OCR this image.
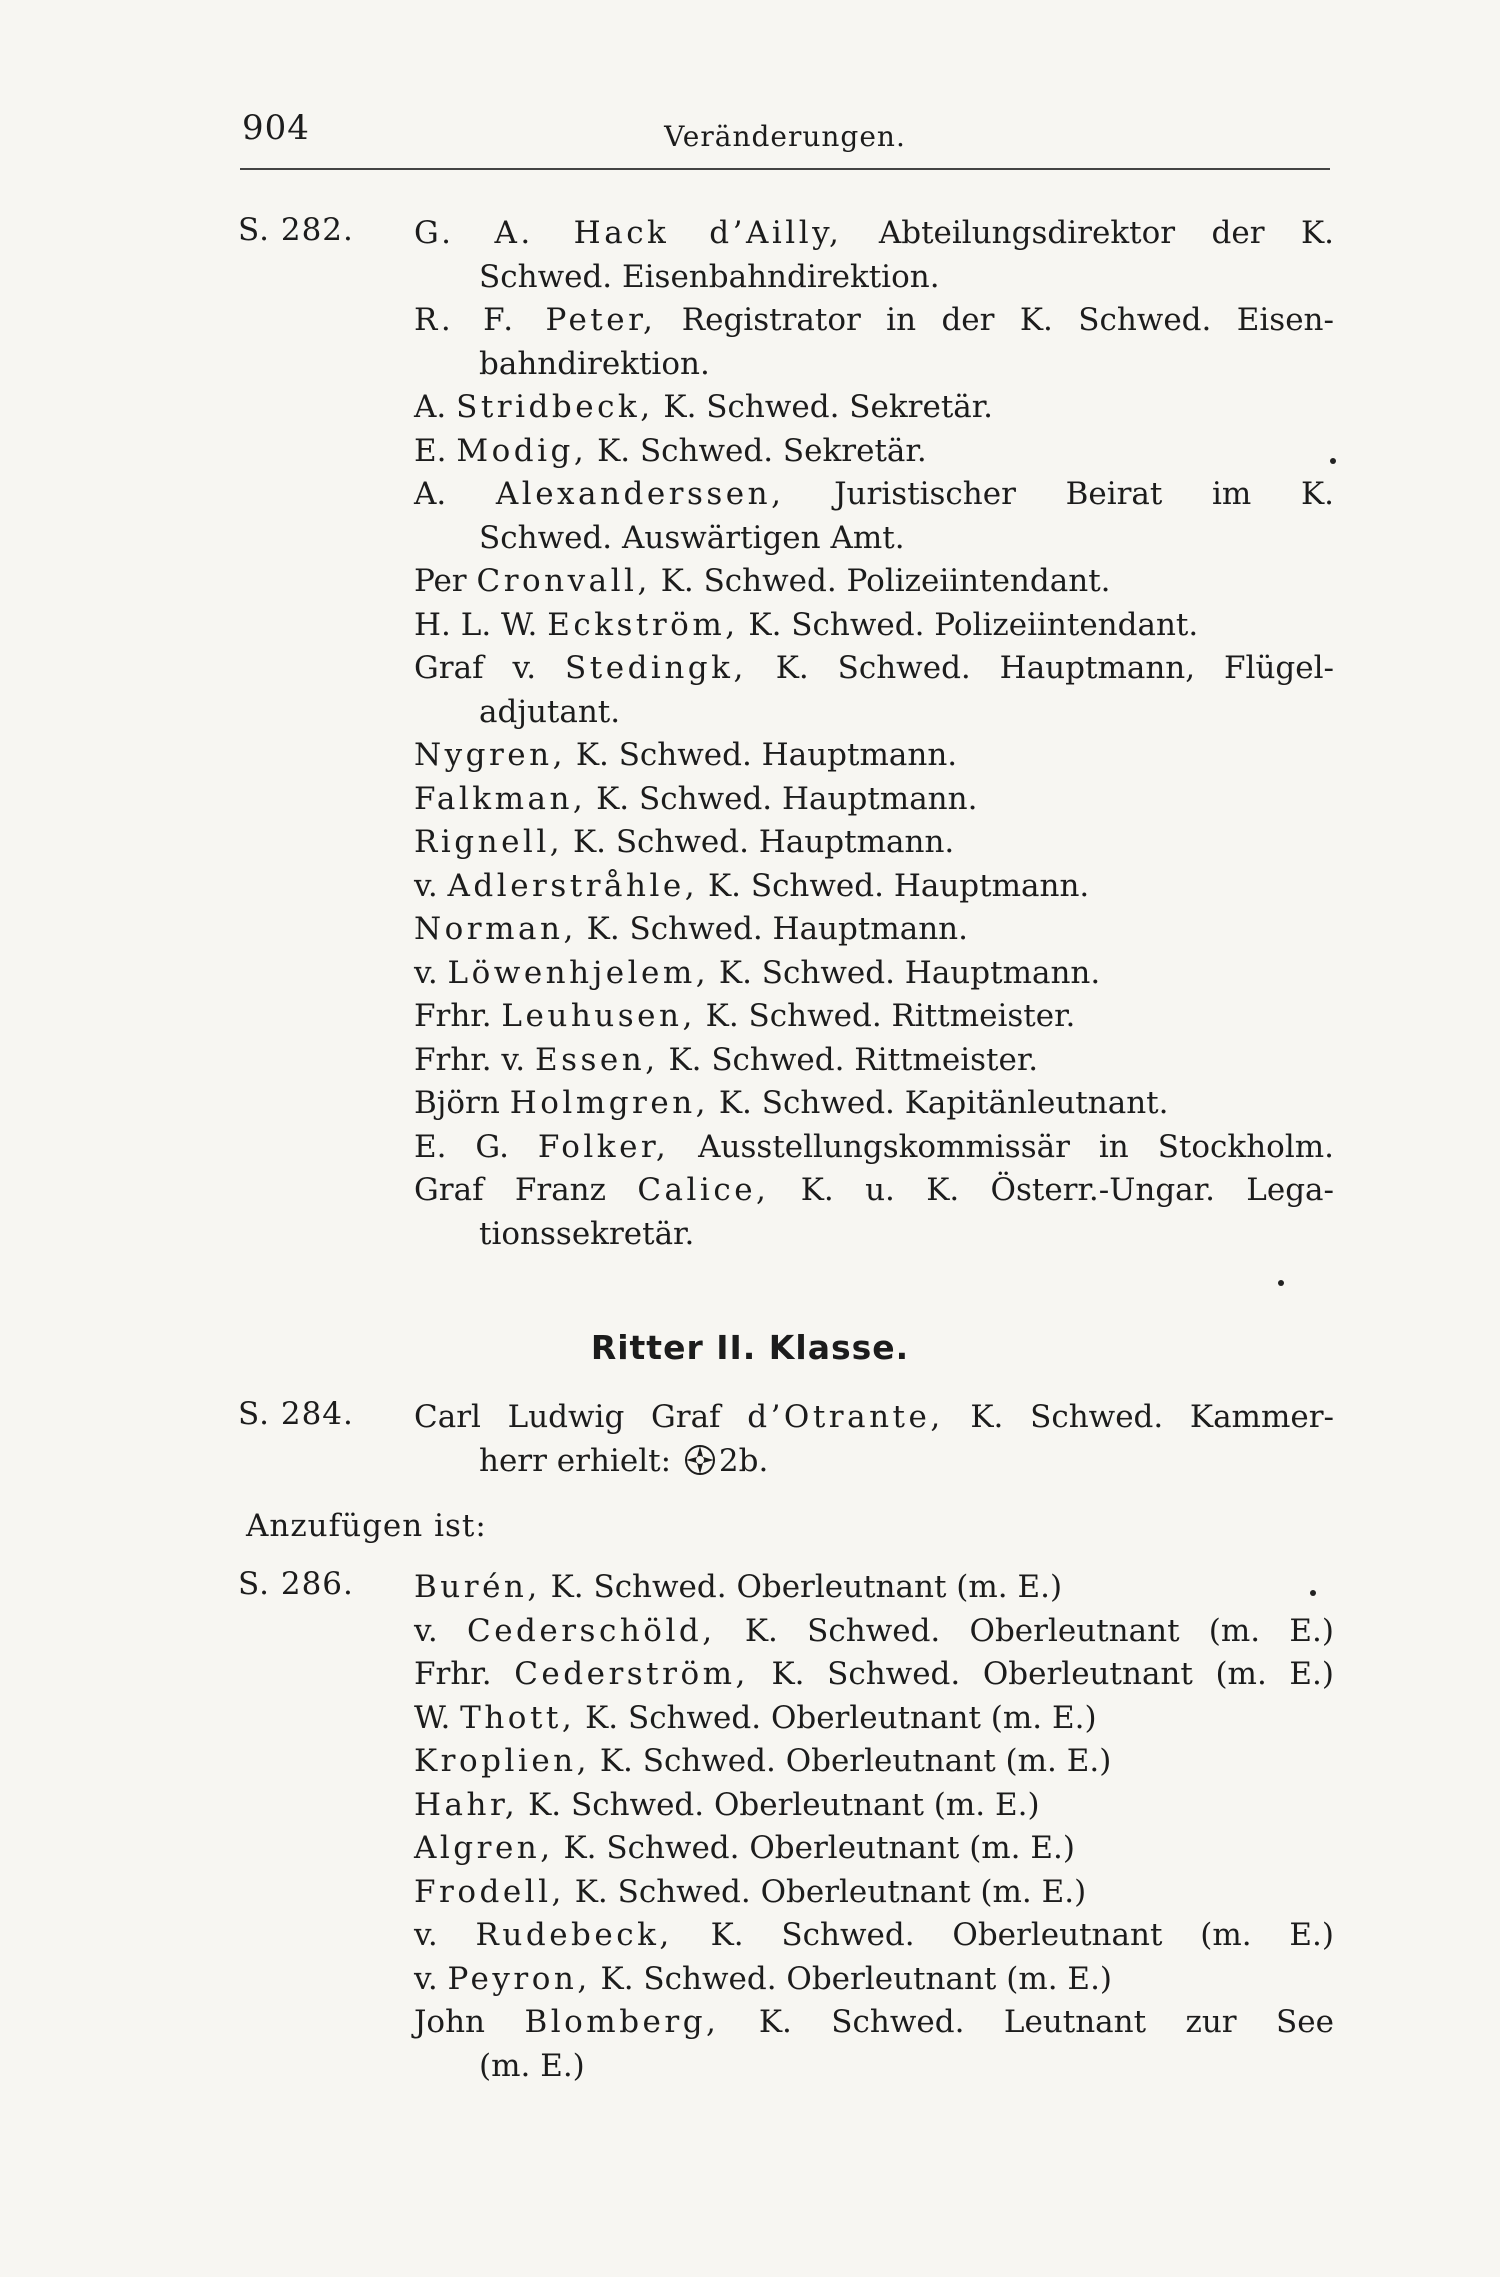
904	Veränderungen.
S. 282. G. A. Hack d’Ailly, Abteilungsdirektor der K.
Schwed. Eisenbahndirektion.
R. F. Peter, Registrator in der K. Schwed. Eisen-
bahndirektion.
A. Stridbeck, K. Schwed. Sekretär.
E. Modig, K. Schwed. Sekretär.
A. Alexanderssen, Juristischer Beirat im K.
Schwed. Auswärtigen Amt.
Per Cronvall, K. Schwed. Polizeiintendant.
H. L. W. Eckström, K. Schwed. Polizeiintendant.
Graf v. Stedingk, K. Schwed. Hauptmann, Flügel-
adjutant.
Nygren, K. Schwed. Hauptmann.
Falkman, K. Schwed. Hauptmann.
Rignell, K. Schwed. Hauptmann.
v. Adlerstråhle, K. Schwed. Hauptmann.
Norman, K. Schwed. Hauptmann.
v. Löwenhjelem, K. Schwed. Hauptmann.
Frhr. Leuhusen, K. Schwed. Rittmeister.
Frhr. v. Essen, K. Schwed. Rittmeister.
Björn Holmgren, K. Schwed. Kapitänleutnant.
E. G. Folker, Ausstellungskommissär in Stockholm.
Graf Franz Calice, K. u. K. Österr.-Ungar. Lega-
tionssekretär.
Ritter II. Klasse.
S. 284. Carl Ludwig Graf d’Otrante, K. Schwed. Kammer-
herr erhielt: 2b.
Anzufügen ist:
S. 286. Burén, K. Schwed. Oberleutnant (m. E.)
v. Cederschöld, K. Schwed. Oberleutnant (m. E.)
Frhr. Cederström, K. Schwed. Oberleutnant (m. E.)
W. Thott, K. Schwed. Oberleutnant (m. E.)
Kroplien, K. Schwed. Oberleutnant (m. E.)
Hahr, K. Schwed. Oberleutnant (m. E.)
Algren, K. Schwed. Oberleutnant (m. E.)
Frodell, K. Schwed. Oberleutnant (m. E.)
v. Rudebeck, K. Schwed. Oberleutnant (m. E.)
v. Peyron, K. Schwed. Oberleutnant (m. E.)
John Blomberg, K. Schwed. Leutnant zur See
(m. E.)
